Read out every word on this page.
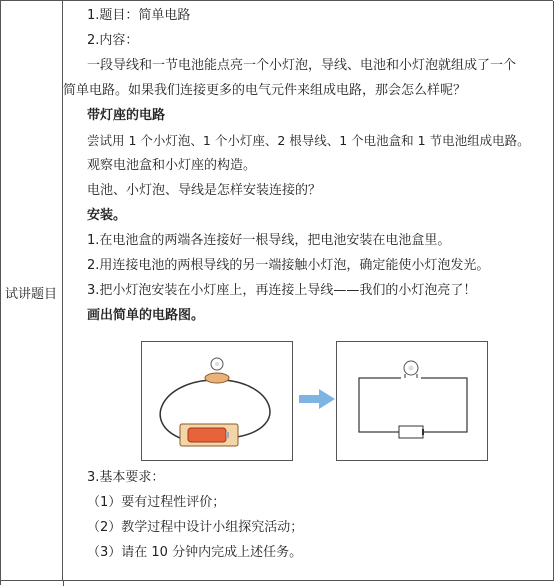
试讲题目
1.题目：简单电路
2.内容：
一段导线和一节电池能点亮一个小灯泡，导线、电池和小灯泡就组成了一个
简单电路。如果我们连接更多的电气元件来组成电路，那会怎么样呢？
带灯座的电路
尝试用 1 个小灯泡、1 个小灯座、2 根导线、1 个电池盒和 1 节电池组成电路。
观察电池盒和小灯座的构造。
电池、小灯泡、导线是怎样安装连接的？
安装。
1.在电池盒的两端各连接好一根导线，把电池安装在电池盒里。
2.用连接电池的两根导线的另一端接触小灯泡，确定能使小灯泡发光。
3.把小灯泡安装在小灯座上，再连接上导线——我们的小灯泡亮了！
画出简单的电路图。
3.基本要求：
（1）要有过程性评价；
（2）教学过程中设计小组探究活动；
（3）请在 10 分钟内完成上述任务。
